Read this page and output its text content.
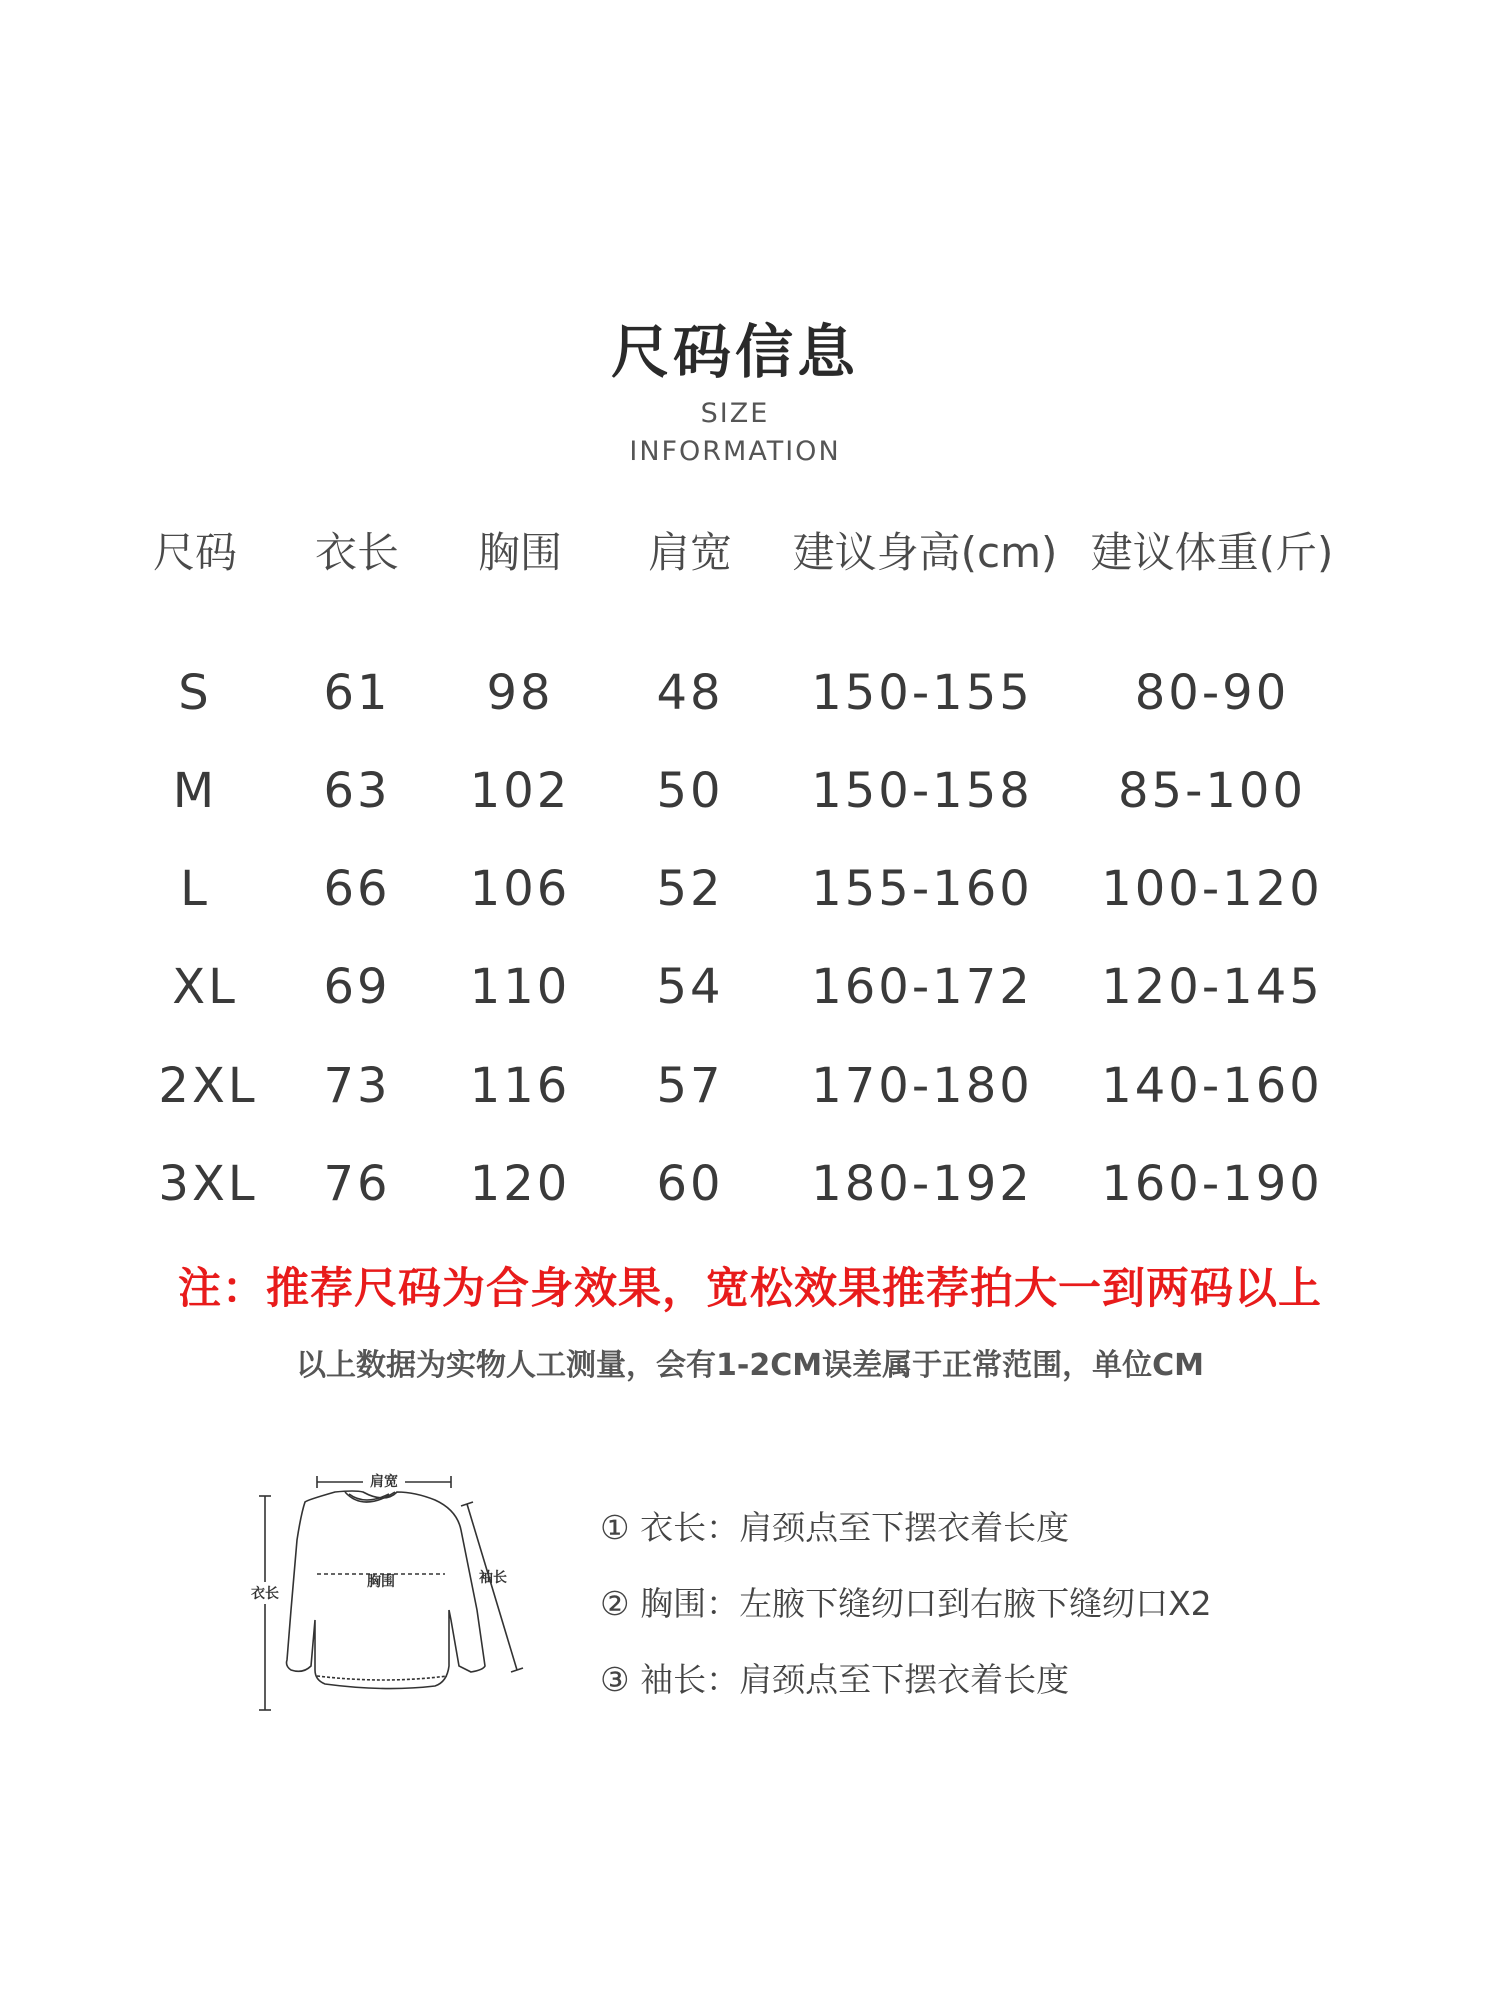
尺码信息
SIZE
INFORMATION
尺码 衣长 胸围 肩宽 建议身高(cm) 建议体重(斤)
S 61 98 48 150-155 80-90
M 63 102 50 150-158 85-100
L 66 106 52 155-160 100-120
XL 69 110 54 160-172 120-145
2XL 73 116 57 170-180 140-160
3XL 76 120 60 180-192 160-190
注：推荐尺码为合身效果，宽松效果推荐拍大一到两码以上
以上数据为实物人工测量，会有1-2CM误差属于正常范围，单位CM
肩宽
衣长
胸围	袖长
① 衣长：肩颈点至下摆衣着长度
② 胸围：左腋下缝纫口到右腋下缝纫口X2
③ 袖长：肩颈点至下摆衣着长度
